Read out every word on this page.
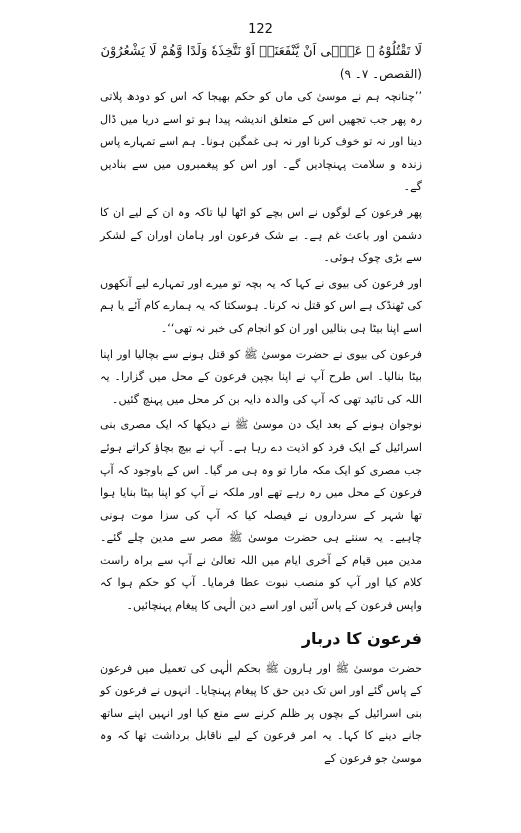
122

لَا تَقْتُلُوْهُ ﷺ عَسٰۤى اَنْ يَّنْفَعَنَاۤ اَوْ نَتَّخِذَهٗ وَلَدًا وَّهُمْ لَا يَشْعُرُوْنَ

(القصص۔ ۷۔ ۹)

’’چنانچہ ہم نے موسیٰ کی ماں کو حکم بھیجا کہ اس کو دودھ پلاتی رہ پھر جب تجھیں اس کے متعلق اندیشہ پیدا ہو تو اسے دریا میں ڈال دینا اور نہ تو خوف کرنا اور نہ ہی غمگین ہونا۔ ہم اسے تمہارے پاس زندہ و سلامت پہنچادیں گے۔ اور اس کو پیغمبروں میں سے بنادیں گے۔

پھر فرعون کے لوگوں نے اس بچے کو اٹھا لیا تاکہ وہ ان کے لیے ان کا دشمن اور باعث غم ہے۔ بے شک فرعون اور ہامان اوران کے لشکر سے بڑی چوک ہوئی۔

اور فرعون کی بیوی نے کہا کہ یہ بچہ تو میرے اور تمہارے لیے آنکھوں کی ٹھنڈک ہے اس کو قتل نہ کرنا۔ ہوسکتا کہ یہ ہمارے کام آئے یا ہم اسے اپنا بیٹا ہی بنالیں اور ان کو انجام کی خبر نہ تھی‘‘۔

فرعون کی بیوی نے حضرت موسیٰ ﷺ کو قتل ہونے سے بچالیا اور اپنا بیٹا بنالیا۔ اس طرح آپ نے اپنا بچپن فرعون کے محل میں گزارا۔ یہ اللہ کی تائید تھی کہ آپ کی والدہ دایہ بن کر محل میں پہنچ گئیں۔

نوجوان ہونے کے بعد ایک دن موسیٰ ﷺ نے دیکھا کہ ایک مصری بنی اسرائیل کے ایک فرد کو اذیت دے رہا ہے۔ آپ نے بیچ بچاؤ کراتے ہوئے جب مصری کو ایک مکہ مارا تو وہ ہی مر گیا۔ اس کے باوجود کہ آپ فرعون کے محل میں رہ رہے تھے اور ملکہ نے آپ کو اپنا بیٹا بنایا ہوا تھا شہر کے سرداروں نے فیصلہ کیا کہ آپ کی سزا موت ہونی چاہیے۔ یہ سنتے ہی حضرت موسیٰ ﷺ مصر سے مدین چلے گئے۔ مدین میں قیام کے آخری ایام میں اللہ تعالیٰ نے آپ سے براہ راست کلام کیا اور آپ کو منصب نبوت عطا فرمایا۔ آپ کو حکم ہوا کہ واپس فرعون کے پاس آئیں اور اسے دین الٰہی کا پیغام پہنچائیں۔

فرعون کا دربار

حضرت موسیٰ ﷺ اور ہارون ﷺ بحکم الٰہی کی تعمیل میں فرعون کے پاس گئے اور اس تک دین حق کا پیغام پہنچایا۔ انہوں نے فرعون کو بنی اسرائیل کے بچوں پر ظلم کرنے سے منع کیا اور انہیں اپنے ساتھ جانے دینے کا کہا۔ یہ امر فرعون کے لیے ناقابل برداشت تھا کہ وہ موسیٰ جو فرعون کے
